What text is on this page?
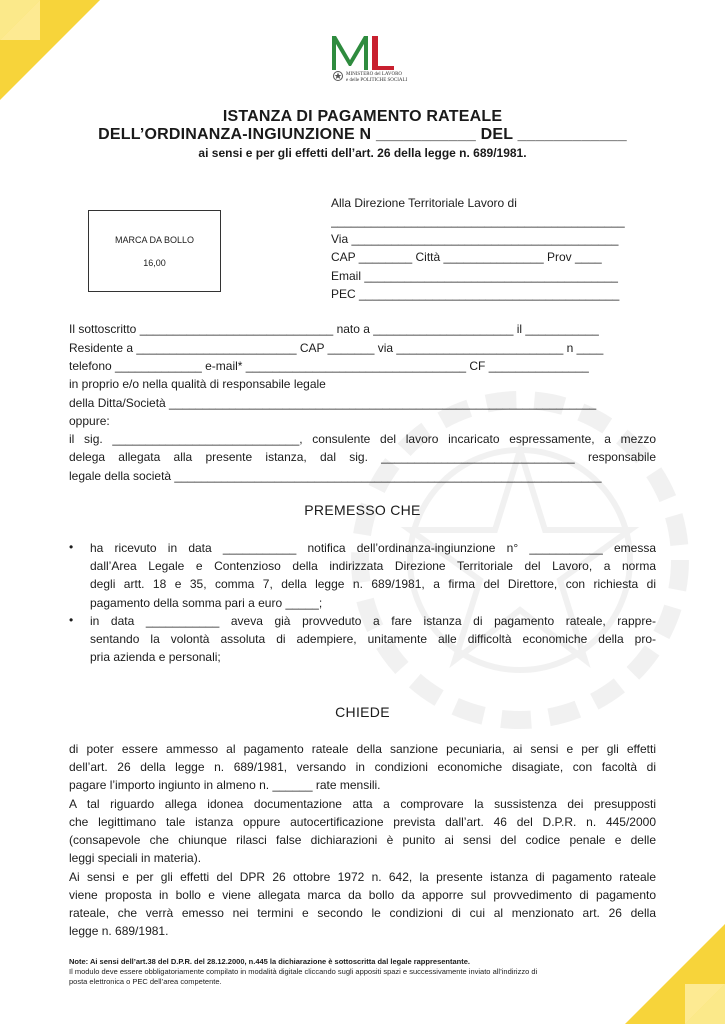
MINISTERO del LAVORO
e delle POLITICHE SOCIALI
ISTANZA DI PAGAMENTO RATEALE
DELL’ORDINANZA-INGIUNZIONE N ___________ DEL ____________
ai sensi e per gli effetti dell’art. 26 della legge n. 689/1981.
MARCA DA BOLLO
16,00
Alla Direzione Territoriale Lavoro di
____________________________________________
Via ________________________________________
CAP ________ Città _______________ Prov ____
Email ______________________________________
PEC _______________________________________
Il sottoscritto _____________________________ nato a _____________________ il ___________
Residente a ________________________ CAP _______ via _________________________ n ____
telefono _____________ e-mail* _________________________________ CF _______________
in proprio e/o nella qualità di responsabile legale
della Ditta/Società ________________________________________________________________
oppure:
il sig. ____________________________, consulente del lavoro incaricato espressamente, a mezzo
delega allegata alla presente istanza, dal sig. _____________________________ responsabile
legale della società ________________________________________________________________
PREMESSO CHE
• ha ricevuto in data ___________ notifica dell’ordinanza-ingiunzione n° ___________ emessa
dall’Area Legale e Contenzioso della indirizzata Direzione Territoriale del Lavoro, a norma
degli artt. 18 e 35, comma 7, della legge n. 689/1981, a firma del Direttore, con richiesta di
pagamento della somma pari a euro _____;
• in data ___________ aveva già provveduto a fare istanza di pagamento rateale, rappre-
sentando la volontà assoluta di adempiere, unitamente alle difficoltà economiche della pro-
pria azienda e personali;
CHIEDE
di poter essere ammesso al pagamento rateale della sanzione pecuniaria, ai sensi e per gli effetti
dell’art. 26 della legge n. 689/1981, versando in condizioni economiche disagiate, con facoltà di
pagare l’importo ingiunto in almeno n. ______ rate mensili.
A tal riguardo allega idonea documentazione atta a comprovare la sussistenza dei presupposti
che legittimano tale istanza oppure autocertificazione prevista dall’art. 46 del D.P.R. n. 445/2000
(consapevole che chiunque rilasci false dichiarazioni è punito ai sensi del codice penale e delle
leggi speciali in materia).
Ai sensi e per gli effetti del DPR 26 ottobre 1972 n. 642, la presente istanza di pagamento rateale
viene proposta in bollo e viene allegata marca da bollo da apporre sul provvedimento di pagamento
rateale, che verrà emesso nei termini e secondo le condizioni di cui al menzionato art. 26 della
legge n. 689/1981.
Note: Ai sensi dell’art.38 del D.P.R. del 28.12.2000, n.445 la dichiarazione è sottoscritta dal legale rappresentante.
Il modulo deve essere obbligatoriamente compilato in modalità digitale cliccando sugli appositi spazi e successivamente inviato all’indirizzo di
posta elettronica o PEC dell’area competente.
